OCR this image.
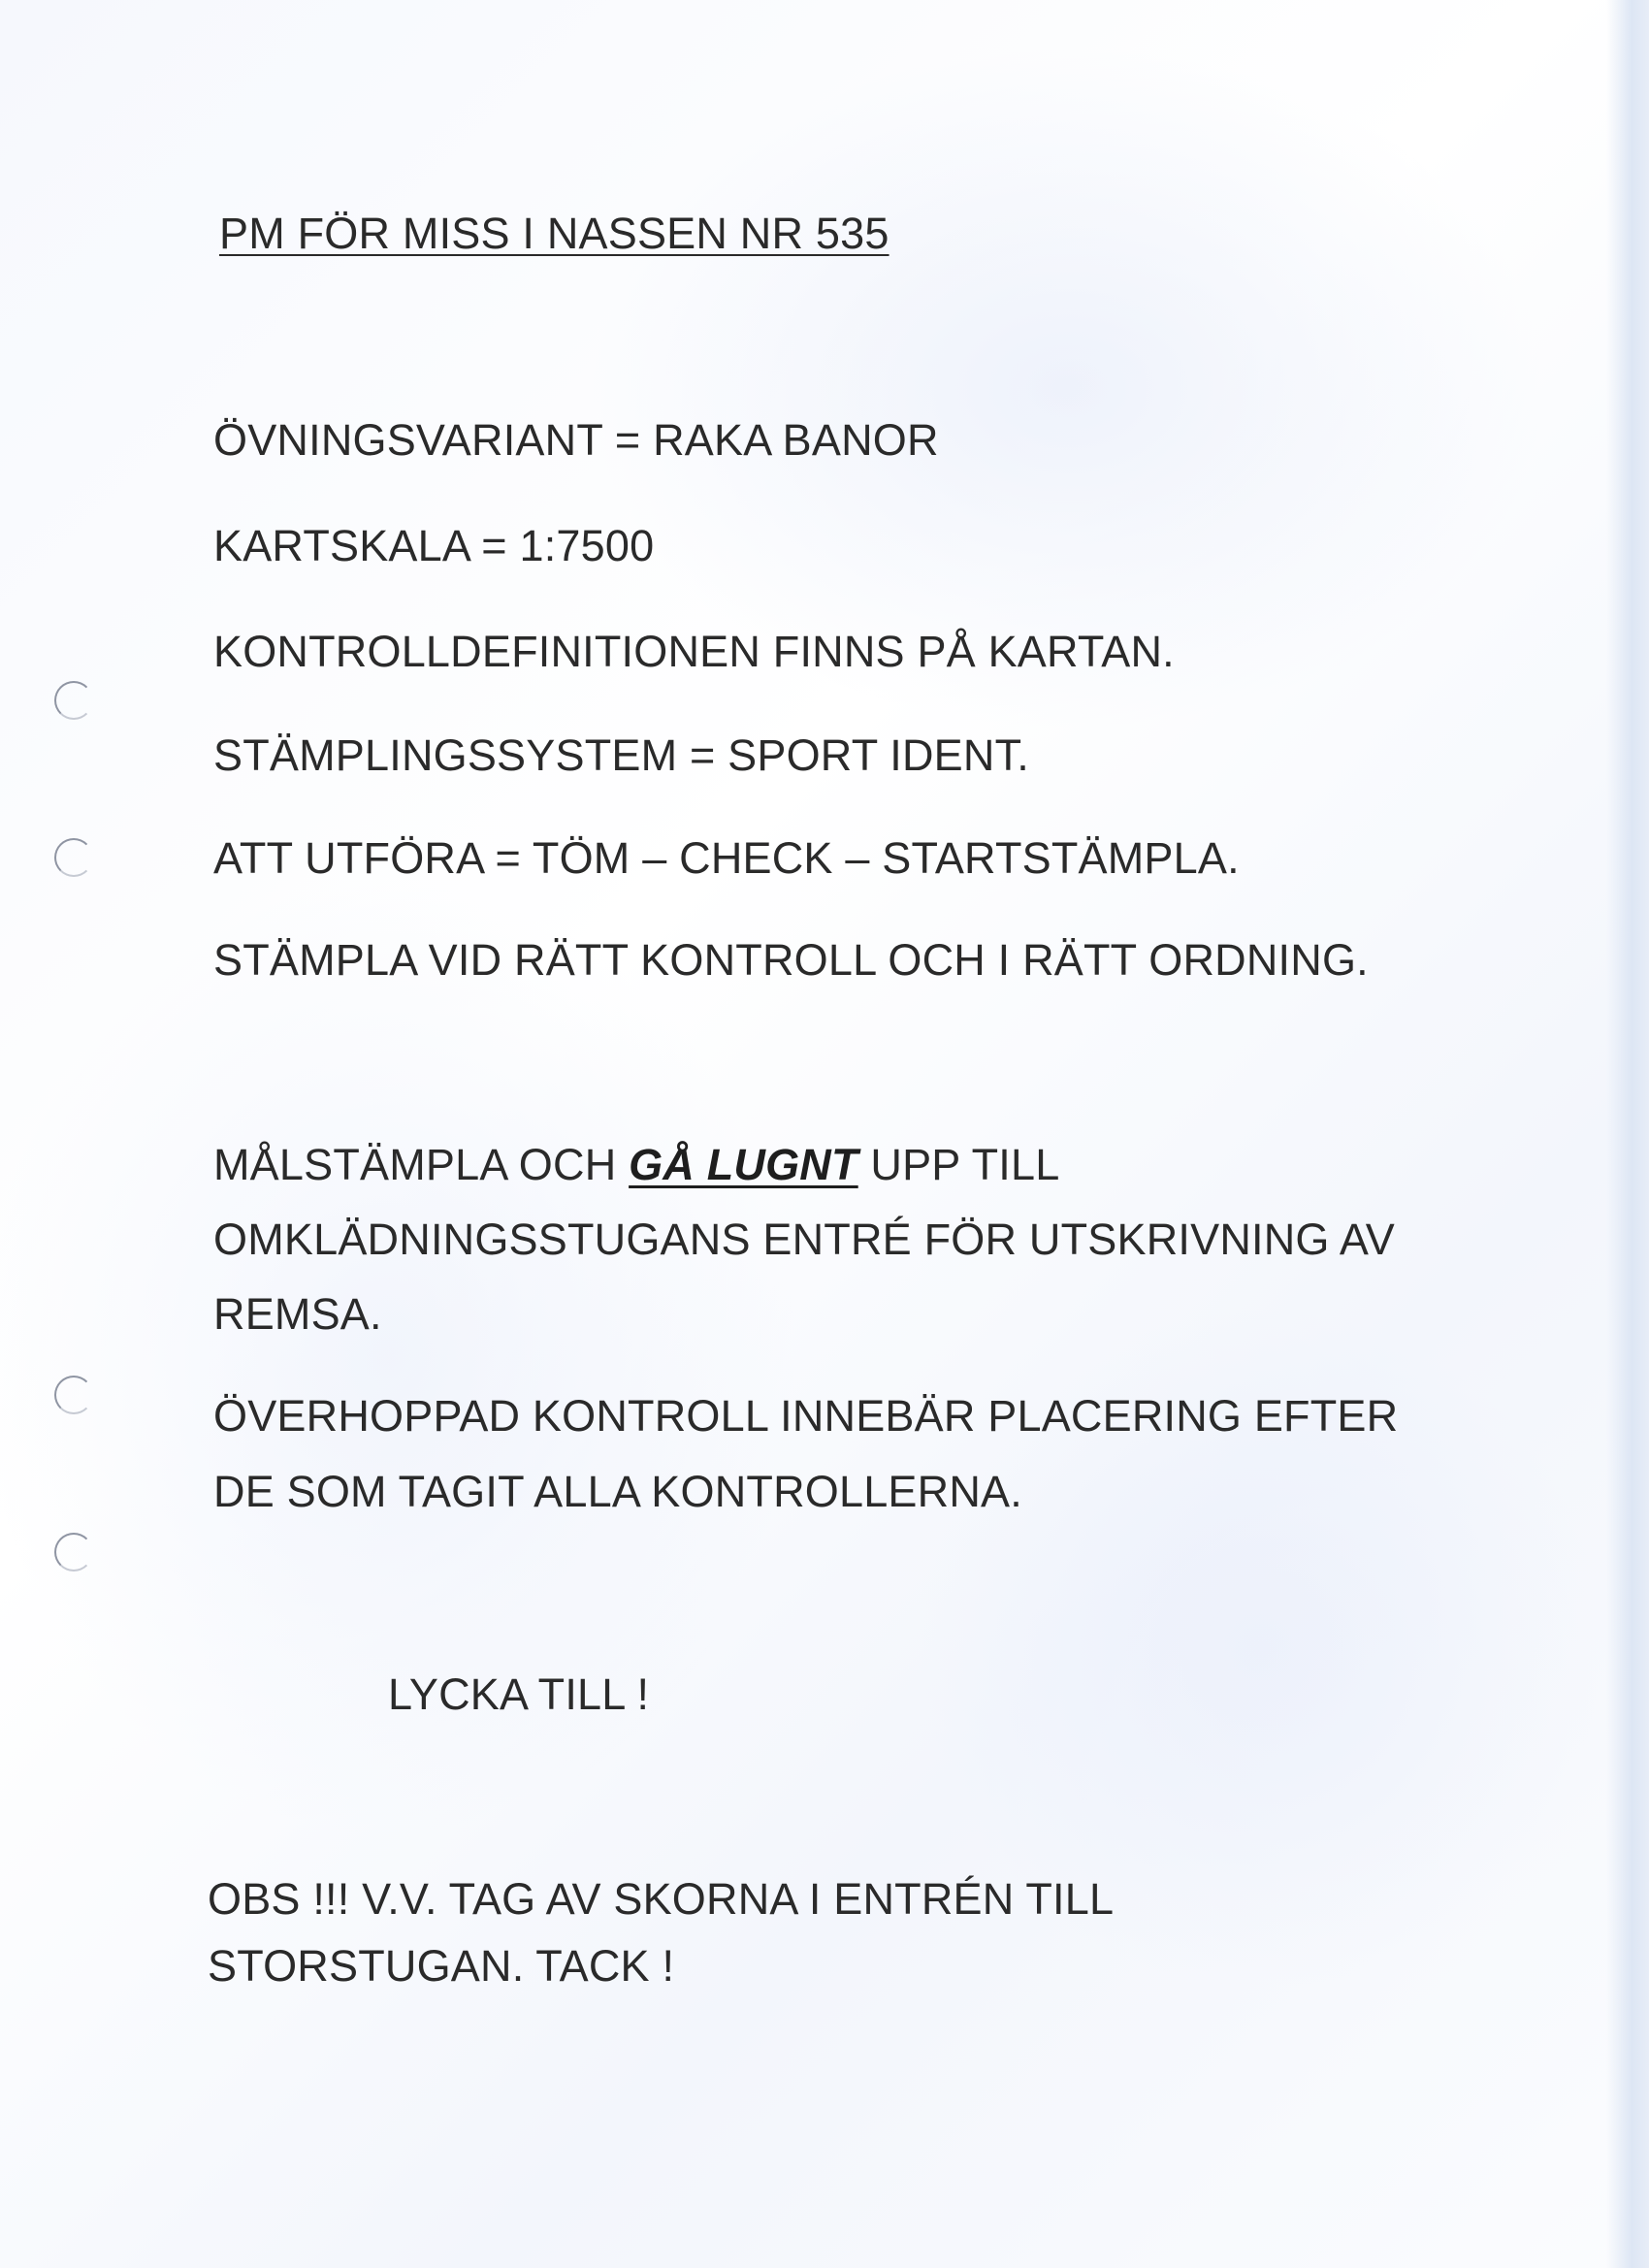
PM FÖR MISS I NASSEN NR 535

ÖVNINGSVARIANT = RAKA BANOR

KARTSKALA = 1:7500

KONTROLLDEFINITIONEN FINNS PÅ KARTAN.

STÄMPLINGSSYSTEM = SPORT IDENT.

ATT UTFÖRA = TÖM – CHECK – STARTSTÄMPLA.

STÄMPLA VID RÄTT KONTROLL OCH I RÄTT ORDNING.

MÅLSTÄMPLA OCH GÅ LUGNT UPP TILL

OMKLÄDNINGSSTUGANS ENTRÉ FÖR UTSKRIVNING AV

REMSA.

ÖVERHOPPAD KONTROLL INNEBÄR PLACERING EFTER

DE SOM TAGIT ALLA KONTROLLERNA.

LYCKA TILL !

OBS !!! V.V. TAG AV SKORNA I ENTRÉN TILL

STORSTUGAN. TACK !
